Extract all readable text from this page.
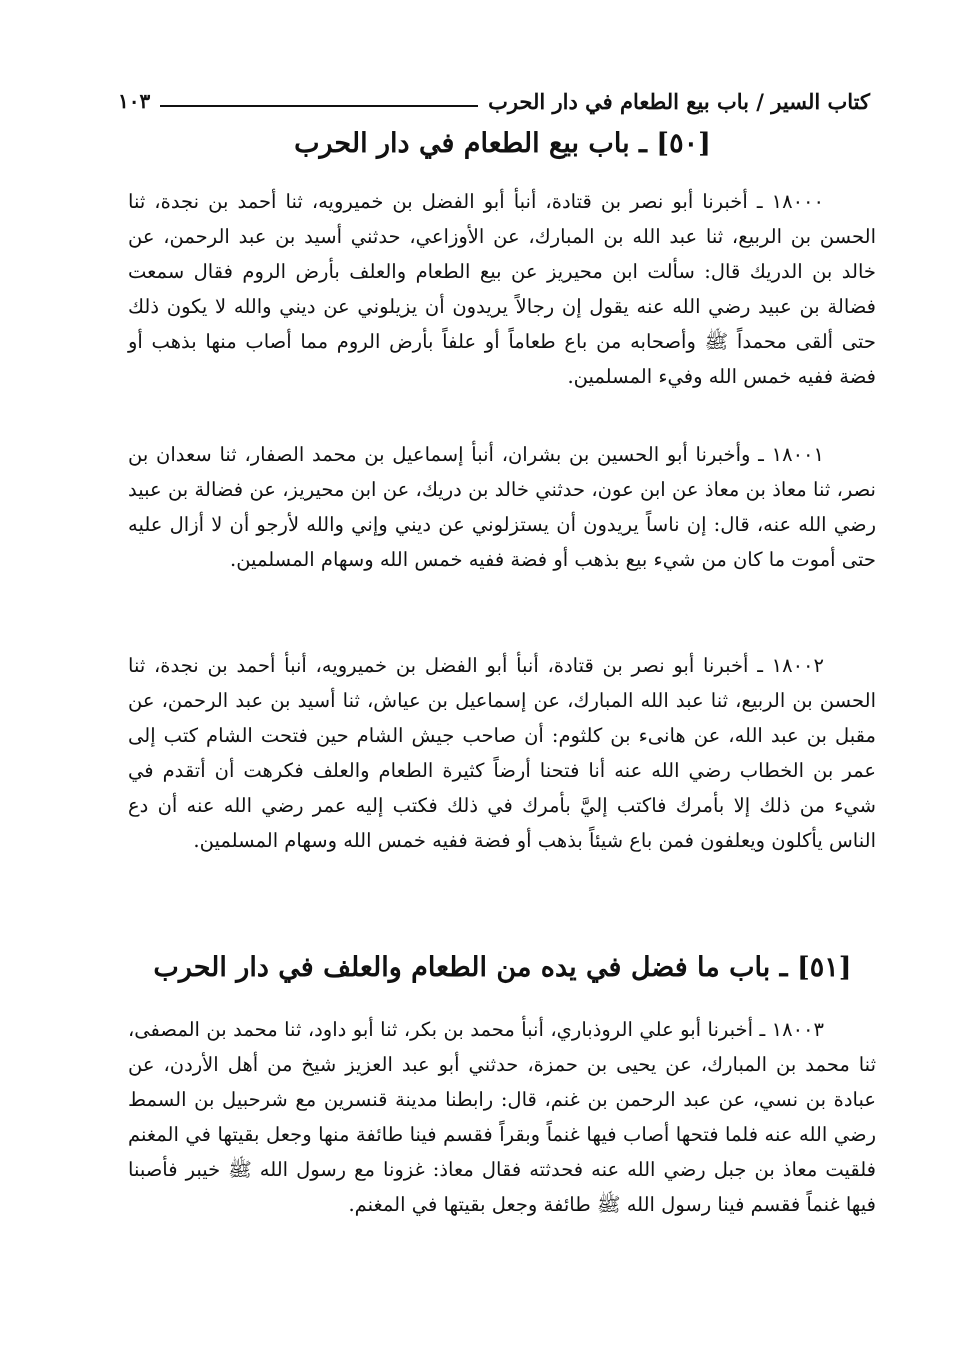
كتاب السير / باب بيع الطعام في دار الحرب
١٠٣
[٥٠] ـ باب بيع الطعام في دار الحرب

١٨٠٠٠ ـ أخبرنا أبو نصر بن قتادة، أنبأ أبو الفضل بن خميرويه، ثنا أحمد بن نجدة، ثنا الحسن بن الربيع، ثنا عبد الله بن المبارك، عن الأوزاعي، حدثني أسيد بن عبد الرحمن، عن خالد بن الدريك قال: سألت ابن محيريز عن بيع الطعام والعلف بأرض الروم فقال سمعت فضالة بن عبيد رضي الله عنه يقول إن رجالاً يريدون أن يزيلوني عن ديني والله لا يكون ذلك حتى ألقى محمداً ﷺ وأصحابه من باع طعاماً أو علفاً بأرض الروم مما أصاب منها بذهب أو فضة ففيه خمس الله وفيء المسلمين.

١٨٠٠١ ـ وأخبرنا أبو الحسين بن بشران، أنبأ إسماعيل بن محمد الصفار، ثنا سعدان بن نصر، ثنا معاذ بن معاذ عن ابن عون، حدثني خالد بن دريك، عن ابن محيريز، عن فضالة بن عبيد رضي الله عنه، قال: إن ناساً يريدون أن يستزلوني عن ديني وإني والله لأرجو أن لا أزال عليه حتى أموت ما كان من شيء بيع بذهب أو فضة ففيه خمس الله وسهام المسلمين.

١٨٠٠٢ ـ أخبرنا أبو نصر بن قتادة، أنبأ أبو الفضل بن خميرويه، أنبأ أحمد بن نجدة، ثنا الحسن بن الربيع، ثنا عبد الله المبارك، عن إسماعيل بن عياش، ثنا أسيد بن عبد الرحمن، عن مقبل بن عبد الله، عن هانىء بن كلثوم: أن صاحب جيش الشام حين فتحت الشام كتب إلى عمر بن الخطاب رضي الله عنه أنا فتحنا أرضاً كثيرة الطعام والعلف فكرهت أن أتقدم في شيء من ذلك إلا بأمرك فاكتب إليَّ بأمرك في ذلك فكتب إليه عمر رضي الله عنه أن دع الناس يأكلون ويعلفون فمن باع شيئاً بذهب أو فضة ففيه خمس الله وسهام المسلمين.

[٥١] ـ باب ما فضل في يده من الطعام والعلف في دار الحرب

١٨٠٠٣ ـ أخبرنا أبو علي الروذباري، أنبأ محمد بن بكر، ثنا أبو داود، ثنا محمد بن المصفى، ثنا محمد بن المبارك، عن يحيى بن حمزة، حدثني أبو عبد العزيز شيخ من أهل الأردن، عن عبادة بن نسي، عن عبد الرحمن بن غنم، قال: رابطنا مدينة قنسرين مع شرحبيل بن السمط رضي الله عنه فلما فتحها أصاب فيها غنماً وبقراً فقسم فينا طائفة منها وجعل بقيتها في المغنم فلقيت معاذ بن جبل رضي الله عنه فحدثته فقال معاذ: غزونا مع رسول الله ﷺ خيبر فأصبنا فيها غنماً فقسم فينا رسول الله ﷺ طائفة وجعل بقيتها في المغنم.
